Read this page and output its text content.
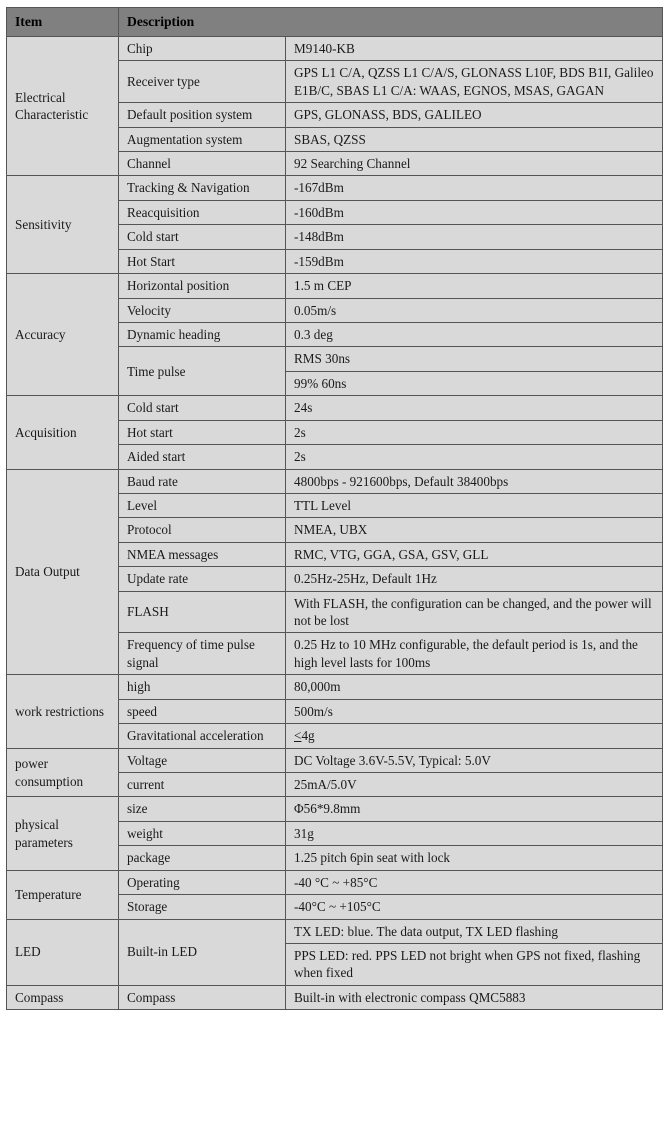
Item	Description	
Electrical Characteristic	Chip	M9140-KB
	Receiver type	GPS L1 C/A, QZSS L1 C/A/S, GLONASS L10F, BDS B1I, Galileo E1B/C, SBAS L1 C/A: WAAS, EGNOS, MSAS, GAGAN
	Default position system	GPS, GLONASS, BDS, GALILEO
	Augmentation system	SBAS, QZSS
	Channel	92 Searching Channel
Sensitivity	Tracking & Navigation	-167dBm
	Reacquisition	-160dBm
	Cold start	-148dBm
	Hot Start	-159dBm
Accuracy	Horizontal position	1.5 m CEP
	Velocity	0.05m/s
	Dynamic heading	0.3 deg
	Time pulse	RMS 30ns
		99% 60ns
Acquisition	Cold start	24s
	Hot start	2s
	Aided start	2s
Data Output	Baud rate	4800bps - 921600bps, Default 38400bps
	Level	TTL Level
	Protocol	NMEA, UBX
	NMEA messages	RMC, VTG, GGA, GSA, GSV, GLL
	Update rate	0.25Hz-25Hz, Default 1Hz
	FLASH	With FLASH, the configuration can be changed, and the power will not be lost
	Frequency of time pulse signal	0.25 Hz to 10 MHz configurable, the default period is 1s, and the high level lasts for 100ms
work restrictions	high	80,000m
	speed	500m/s
	Gravitational acceleration	<4g
power consumption	Voltage	DC Voltage 3.6V-5.5V, Typical: 5.0V
	current	25mA/5.0V
physical parameters	size	Φ56*9.8mm
	weight	31g
	package	1.25 pitch 6pin seat with lock
Temperature	Operating	-40 °C ~ +85°C
	Storage	-40°C ~ +105°C
LED	Built-in LED	TX LED: blue. The data output, TX LED flashing
		PPS LED: red. PPS LED not bright when GPS not fixed, flashing when fixed
Compass	Compass	Built-in with electronic compass QMC5883
